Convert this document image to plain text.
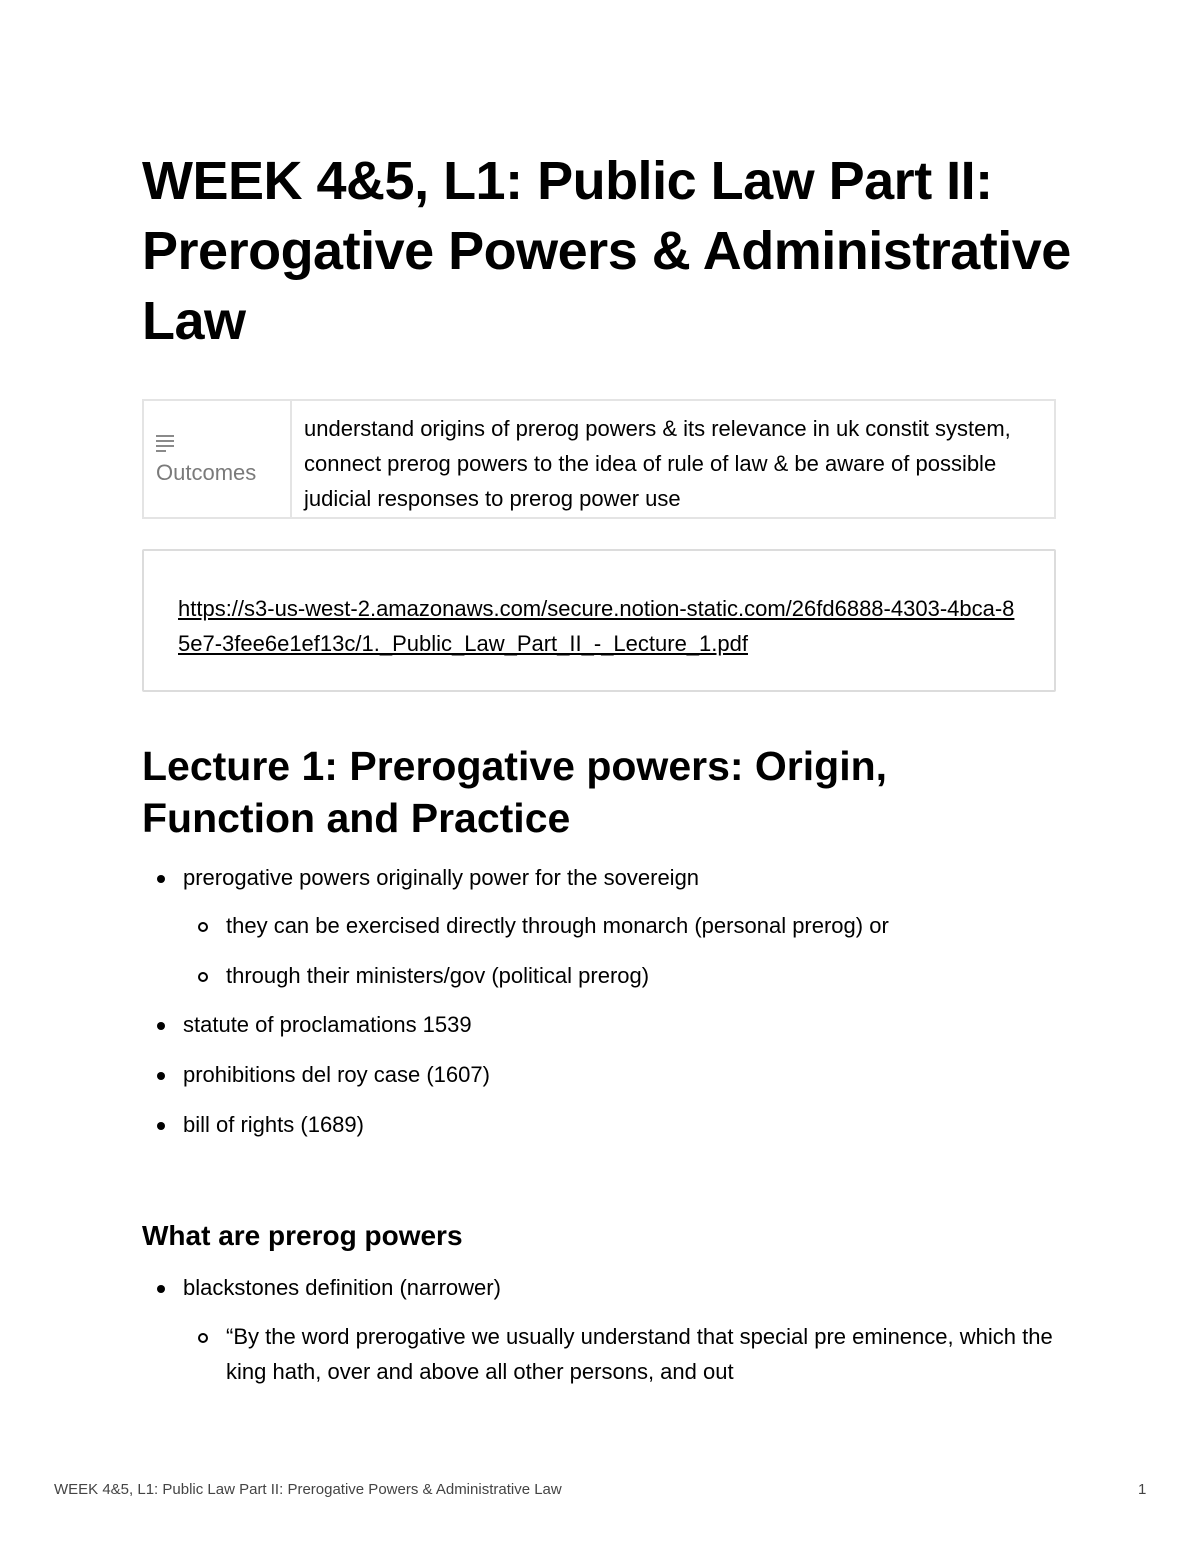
WEEK 4&5, L1: Public Law Part II: Prerogative Powers & Administrative Law
Outcomes
understand origins of prerog powers & its relevance in uk constit system, connect prerog powers to the idea of rule of law & be aware of possible judicial responses to prerog power use
https://s3-us-west-2.amazonaws.com/secure.notion-static.com/26fd6888-4303-4bca-85e7-3fee6e1ef13c/1._Public_Law_Part_II_-_Lecture_1.pdf
Lecture 1: Prerogative powers: Origin, Function and Practice
prerogative powers originally power for the sovereign
they can be exercised directly through monarch (personal prerog) or
through their ministers/gov (political prerog)
statute of proclamations 1539
prohibitions del roy case (1607)
bill of rights (1689)
What are prerog powers
blackstones definition (narrower)
“By the word prerogative we usually understand that special pre eminence, which the king hath, over and above all other persons, and out
WEEK 4&5, L1: Public Law Part II: Prerogative Powers & Administrative Law	1
